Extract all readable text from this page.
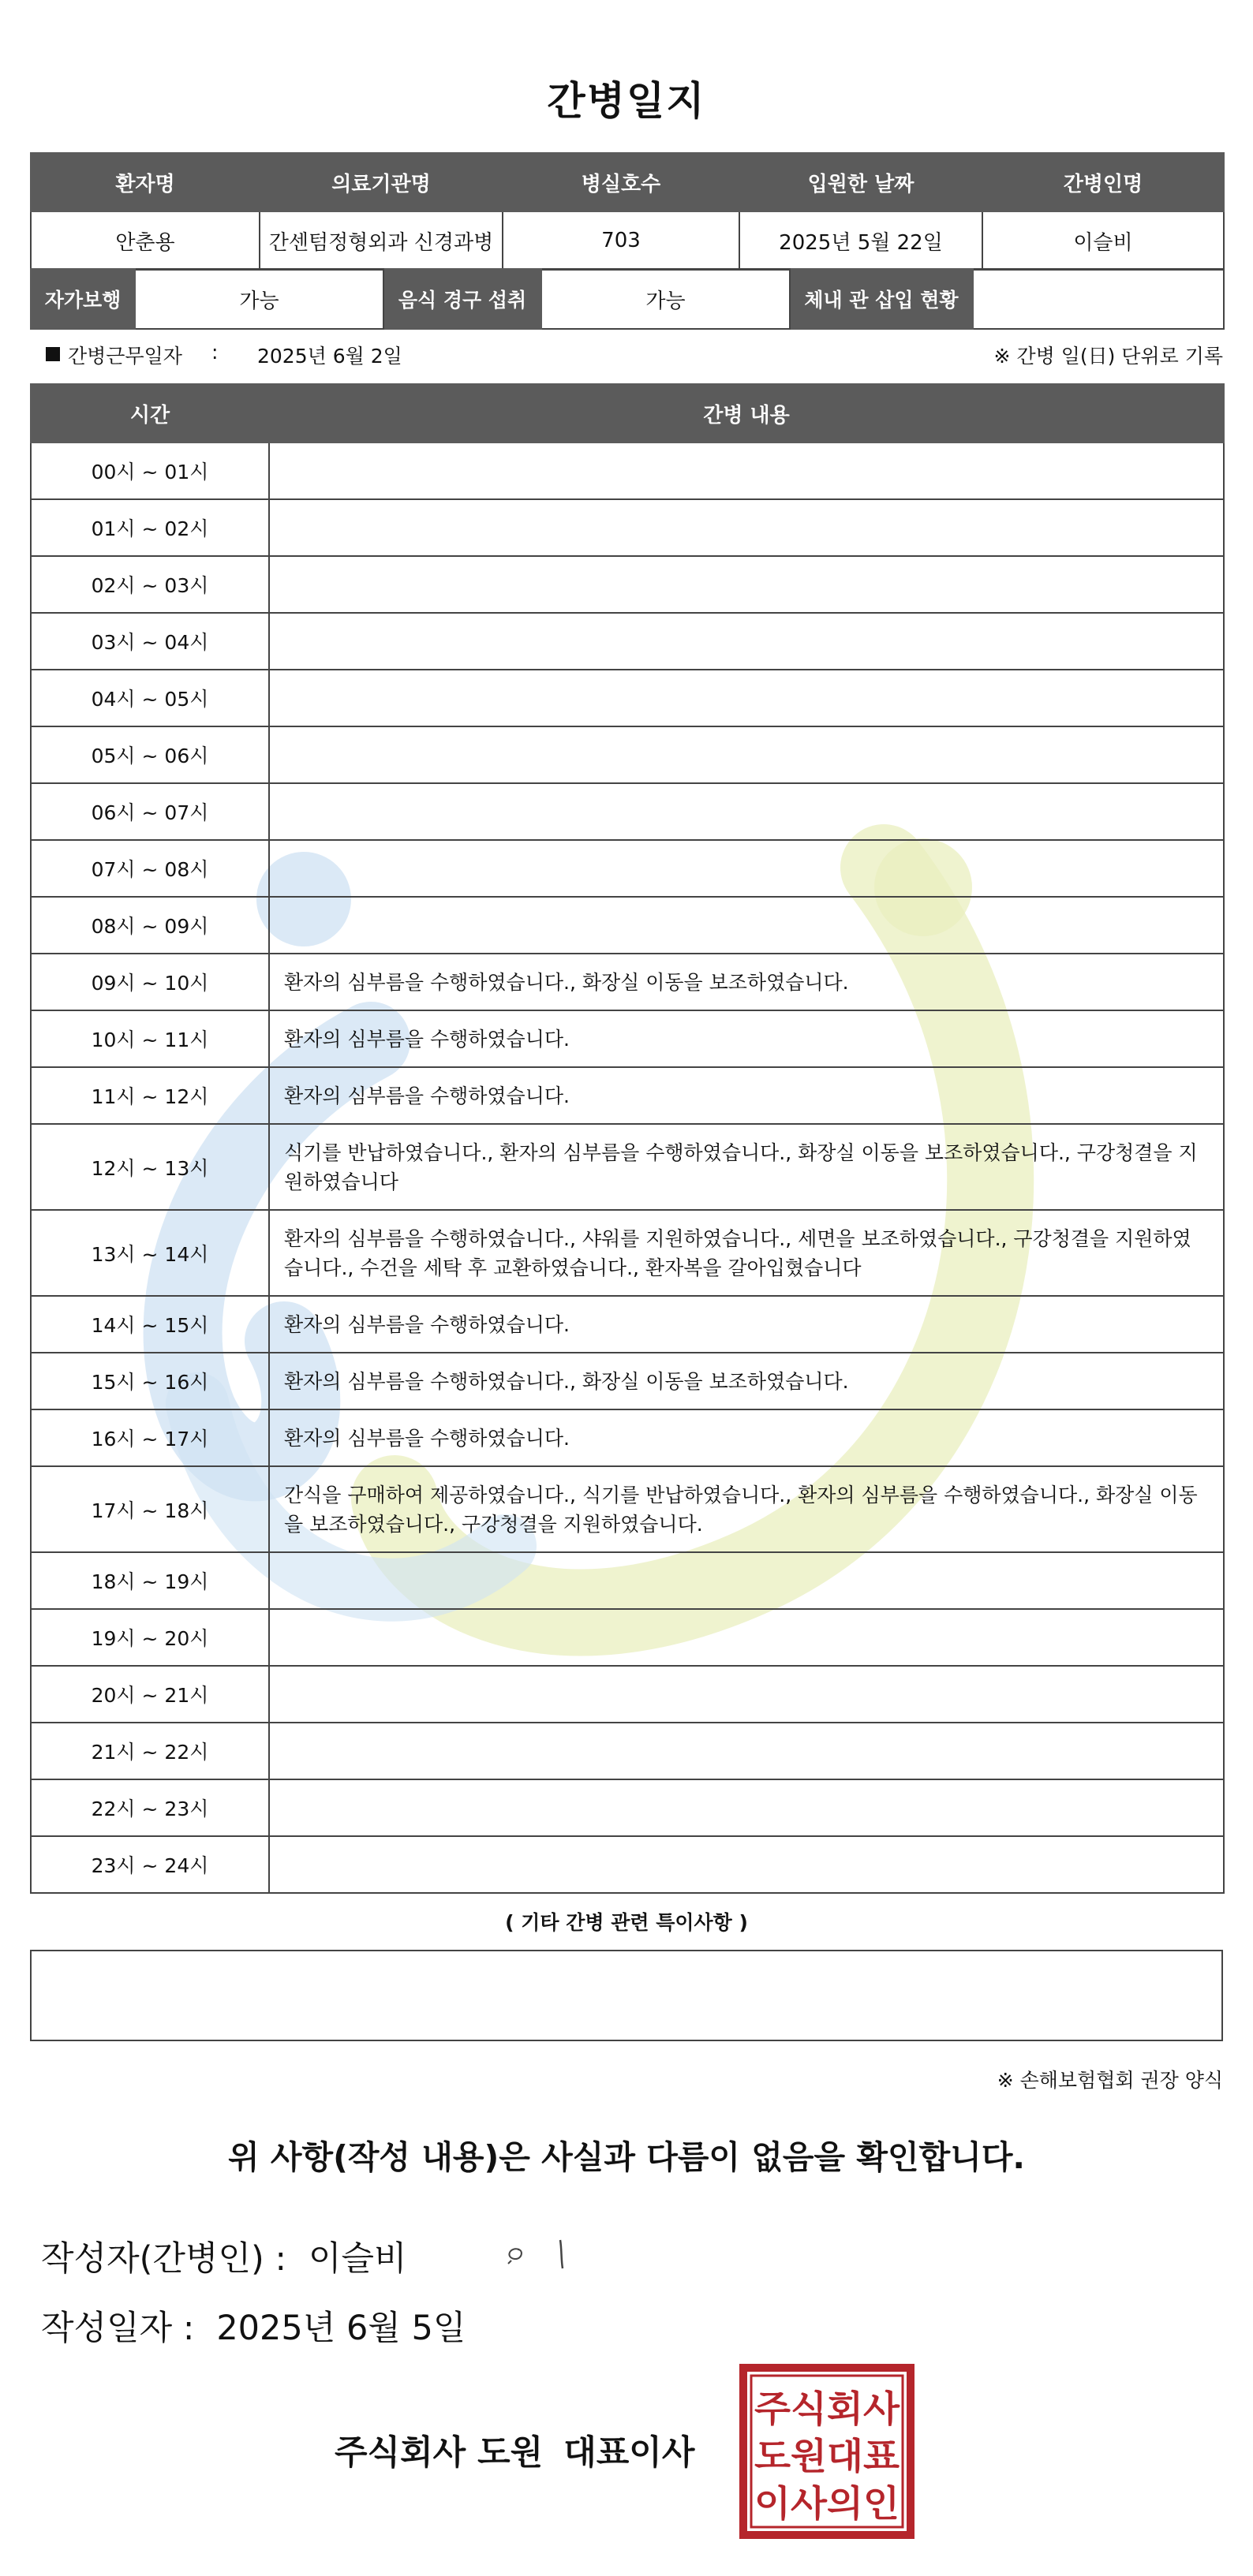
간병일지
환자명	의료기관명	병실호수	입원한 날짜	간병인명
안춘용	간센텀정형외과 신경과병	703	2025년 5월 22일	이슬비
자가보행	가능	음식 경구 섭취	가능	체내 관 삽입 현황	
간병근무일자 : 2025년 6월 2일	※ 간병 일(日) 단위로 기록
시간	간병 내용
00시 ~ 01시	
01시 ~ 02시	
02시 ~ 03시	
03시 ~ 04시	
04시 ~ 05시	
05시 ~ 06시	
06시 ~ 07시	
07시 ~ 08시	
08시 ~ 09시	
09시 ~ 10시	환자의 심부름을 수행하였습니다., 화장실 이동을 보조하였습니다.
10시 ~ 11시	환자의 심부름을 수행하였습니다.
11시 ~ 12시	환자의 심부름을 수행하였습니다.
12시 ~ 13시	식기를 반납하였습니다., 환자의 심부름을 수행하였습니다., 화장실 이동을 보조하였습니다., 구강청결을 지원하였습니다
13시 ~ 14시	환자의 심부름을 수행하였습니다., 샤워를 지원하였습니다., 세면을 보조하였습니다., 구강청결을 지원하였습니다., 수건을 세탁 후 교환하였습니다., 환자복을 갈아입혔습니다
14시 ~ 15시	환자의 심부름을 수행하였습니다.
15시 ~ 16시	환자의 심부름을 수행하였습니다., 화장실 이동을 보조하였습니다.
16시 ~ 17시	환자의 심부름을 수행하였습니다.
17시 ~ 18시	간식을 구매하여 제공하였습니다., 식기를 반납하였습니다., 환자의 심부름을 수행하였습니다., 화장실 이동을 보조하였습니다., 구강청결을 지원하였습니다.
18시 ~ 19시	
19시 ~ 20시	
20시 ~ 21시	
21시 ~ 22시	
22시 ~ 23시	
23시 ~ 24시	
( 기타 간병 관련 특이사항 )
※ 손해보험협회 권장 양식
위 사항(작성 내용)은 사실과 다름이 없음을 확인합니다.
작성자(간병인) : 이슬비
작성일자 : 2025년 6월 5일
주식회사 도원 대표이사
주식회사
도원대표
이사의인
